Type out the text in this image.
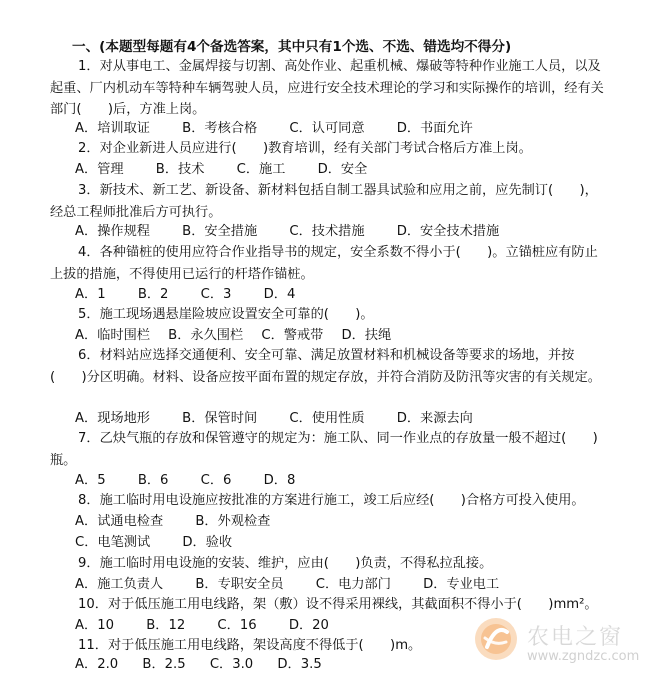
一、(本题型每题有4个备选答案，其中只有1个选、不选、错选均不得分)
1．对从事电工、金属焊接与切割、高处作业、起重机械、爆破等特种作业施工人员，以及起重、厂内机动车等特种车辆驾驶人员，应进行安全技术理论的学习和实际操作的培训，经有关部门(　　)后，方准上岗。
A．培训取证 B．考核合格 C．认可同意 D．书面允许
2．对企业新进人员应进行(　　)教育培训，经有关部门考试合格后方准上岗。
A．管理 B．技术 C．施工 D．安全
3．新技术、新工艺、新设备、新材料包括自制工器具试验和应用之前，应先制订(　　)，经总工程师批准后方可执行。
A．操作规程 B．安全措施 C．技术措施 D．安全技术措施
4．各种锚桩的使用应符合作业指导书的规定，安全系数不得小于(　　)。立锚桩应有防止上拔的措施，不得使用已运行的杆塔作锚桩。
A．1 B．2 C．3 D．4
5．施工现场遇悬崖险坡应设置安全可靠的(　　)。
A．临时围栏 B．永久围栏 C．警戒带 D．扶绳
6．材料站应选择交通便利、安全可靠、满足放置材料和机械设备等要求的场地，并按(　　)分区明确。材料、设备应按平面布置的规定存放，并符合消防及防汛等灾害的有关规定。
A．现场地形 B．保管时间 C．使用性质 D．来源去向
7．乙炔气瓶的存放和保管遵守的规定为：施工队、同一作业点的存放量一般不超过(　　)瓶。
A．5 B．6 C．6 D．8
8．施工临时用电设施应按批准的方案进行施工，竣工后应经(　　)合格方可投入使用。
A．试通电检查 B．外观检查
C．电笔测试 D．验收
9．施工临时用电设施的安装、维护，应由(　　)负责，不得私拉乱接。
A．施工负责人 B．专职安全员 C．电力部门 D．专业电工
10．对于低压施工用电线路，架（敷）设不得采用裸线，其截面积不得小于(　　)mm²。
A．10 B．12 C．16 D．20
11．对于低压施工用电线路，架设高度不得低于(　　)m。
A．2.0 B．2.5 C．3.0 D．3.5
农电之窗
www.zgndzc.com
